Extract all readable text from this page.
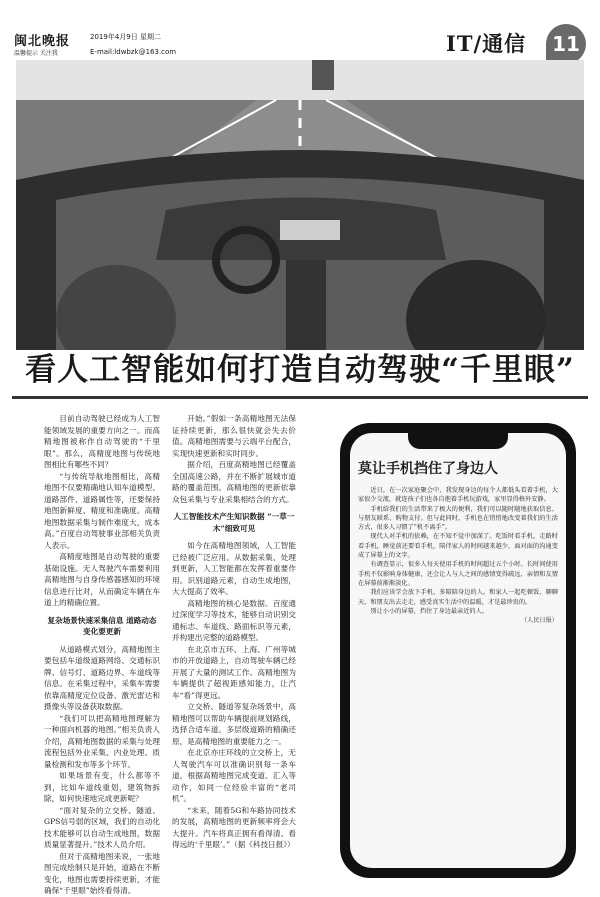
闽北晚报
温馨提示 关注我
2019年4月9日 星期二
E-mail:ldwbzk@163.com	IT/通信	11
看人工智能如何打造自动驾驶“千里眼”

目前自动驾驶已经成为人工智能领域发展的重要方向之一。而高精地图被称作自动驾驶的“千里眼”。那么，高精度地图与传统地图相比有哪些不同？

“与传统导航地图相比，高精地图不仅要精确地认知车道模型、道路部件、道路属性等，还要保持地图新鲜度、精度和准确度。高精地图数据采集与制作难度大，成本高。”百度自动驾驶事业部相关负责人表示。

高精度地图是自动驾驶的重要基础设施。无人驾驶汽车需要利用高精地图与自身传感器感知的环境信息进行比对，从而确定车辆在车道上的精确位置。

复杂场景快速采集信息 道路动态变化要更新

从道路模式划分，高精地图主要包括车道级道路网络、交通标识牌、信号灯、道路边界、车道线等信息。在采集过程中，采集车需要依靠高精度定位设备、激光雷达和摄像头等设备获取数据。

“我们可以把高精地图理解为一种面向机器的地图。”相关负责人介绍，高精地图数据的采集与处理流程包括外业采集、内业处理、质量检测和发布等多个环节。

如果场景有变，什么都等不到，比如车道线重划，建筑物拆除，如何快速地完成更新呢？

“面对复杂的立交桥、隧道、GPS信号弱的区域，我们的自动化技术能够可以自动生成地图，数据质量显著提升。”技术人员介绍。

但对于高精地图来说，一张地图完成绘制只是开始，道路在不断变化，地图也需要持续更新，才能确保“千里眼”始终看得清。

开始。”假如一条高精地图无法保证持续更新，那么很快就会失去价值。高精地图需要与云端平台配合，实现快速更新和实时同步。

据介绍，百度高精地图已经覆盖全国高速公路，并在不断扩展城市道路的覆盖范围。高精地图的更新依靠众包采集与专业采集相结合的方式。

人工智能技术产生知识数据 “一草一木”细致可见

如今在高精地图领域，人工智能已经被广泛应用。从数据采集、处理到更新，人工智能都在发挥着重要作用。识别道路元素，自动生成地图，大大提高了效率。

高精地图的核心是数据。百度通过深度学习等技术，能够自动识别交通标志、车道线、路面标识等元素，并构建出完整的道路模型。

在北京市五环、上海、广州等城市的开放道路上，自动驾驶车辆已经开展了大量的测试工作。高精地图为车辆提供了超视距感知能力，让汽车“看”得更远。

立交桥、隧道等复杂场景中，高精地图可以帮助车辆提前规划路线，选择合适车道。多层级道路的精确还原，是高精地图的重要能力之一。

在北京亦庄环线的立交桥上，无人驾驶汽车可以准确识别每一条车道，根据高精地图完成变道、汇入等动作，如同一位经验丰富的“老司机”。

“未来，随着5G和车路协同技术的发展，高精地图的更新频率将会大大提升。汽车将真正拥有看得清、看得远的‘千里眼’。”（据《科技日报》）

莫让手机挡住了身边人

近日，在一次家庭聚会中，我发现身边的每个人都低头看着手机，大家很少交流，就连孩子们也各自抱着手机玩游戏，家里显得格外安静。

手机给我们的生活带来了极大的便利，我们可以随时随地获取信息、与朋友联系、购物支付。但与此同时，手机也在悄悄地改变着我们的生活方式，很多人习惯了“机不离手”。

现代人对手机的依赖，在不知不觉中加深了。吃饭时看手机，走路时看手机，睡觉前还要看手机，陪伴家人的时间越来越少，面对面的沟通变成了屏幕上的文字。

有调查显示，很多人每天使用手机的时间超过五个小时。长时间使用手机不仅影响身体健康，还会让人与人之间的感情变得疏远，亲情和友情在屏幕前渐渐淡化。

我们应该学会放下手机，多陪陪身边的人。和家人一起吃顿饭、聊聊天，和朋友出去走走，感受真实生活中的温暖，才是最珍贵的。

别让小小的屏幕，挡住了身边最亲近的人。

（人民日报）
